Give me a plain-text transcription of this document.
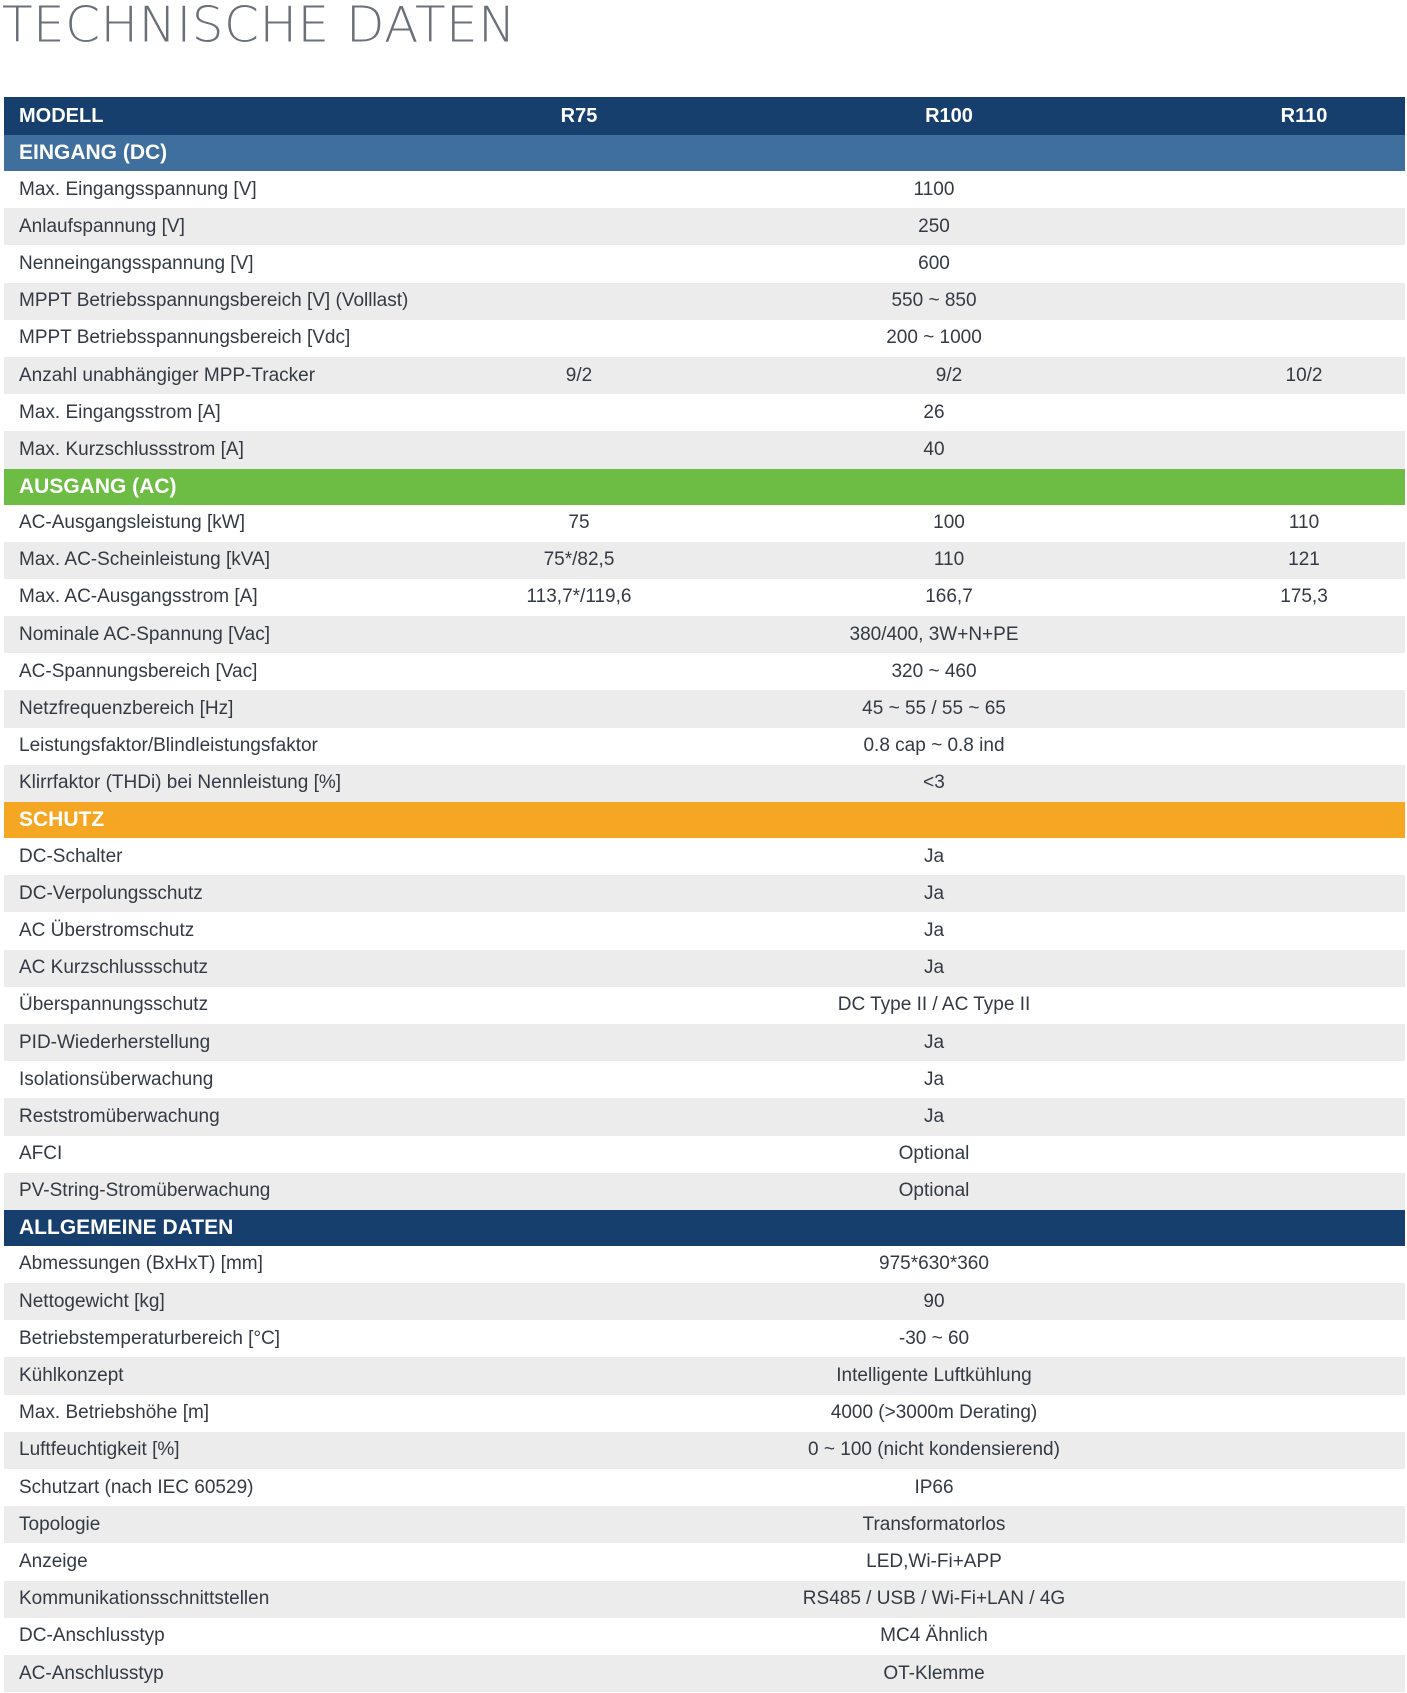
TECHNISCHE DATEN
MODELL	R75	R100	R110
EINGANG (DC)
Max. Eingangsspannung [V]	1100
Anlaufspannung [V]	250
Nenneingangsspannung [V]	600
MPPT Betriebsspannungsbereich [V] (Volllast)	550 ~ 850
MPPT Betriebsspannungsbereich [Vdc]	200 ~ 1000
Anzahl unabhängiger MPP-Tracker	9/2	9/2	10/2
Max. Eingangsstrom [A]	26
Max. Kurzschlussstrom [A]	40
AUSGANG (AC)
AC-Ausgangsleistung [kW]	75	100	110
Max. AC-Scheinleistung [kVA]	75*/82,5	110	121
Max. AC-Ausgangsstrom [A]	113,7*/119,6	166,7	175,3
Nominale AC-Spannung [Vac]	380/400, 3W+N+PE
AC-Spannungsbereich [Vac]	320 ~ 460
Netzfrequenzbereich [Hz]	45 ~ 55 / 55 ~ 65
Leistungsfaktor/Blindleistungsfaktor	0.8 cap ~ 0.8 ind
Klirrfaktor (THDi) bei Nennleistung [%]	<3
SCHUTZ
DC-Schalter	Ja
DC-Verpolungsschutz	Ja
AC Überstromschutz	Ja
AC Kurzschlussschutz	Ja
Überspannungsschutz	DC Type II / AC Type II
PID-Wiederherstellung	Ja
Isolationsüberwachung	Ja
Reststromüberwachung	Ja
AFCI	Optional
PV-String-Stromüberwachung	Optional
ALLGEMEINE DATEN
Abmessungen (BxHxT) [mm]	975*630*360
Nettogewicht [kg]	90
Betriebstemperaturbereich [°C]	-30 ~ 60
Kühlkonzept	Intelligente Luftkühlung
Max. Betriebshöhe [m]	4000 (>3000m Derating)
Luftfeuchtigkeit [%]	0 ~ 100 (nicht kondensierend)
Schutzart (nach IEC 60529)	IP66
Topologie	Transformatorlos
Anzeige	LED,Wi-Fi+APP
Kommunikationsschnittstellen	RS485 / USB / Wi-Fi+LAN / 4G
DC-Anschlusstyp	MC4 Ähnlich
AC-Anschlusstyp	OT-Klemme
